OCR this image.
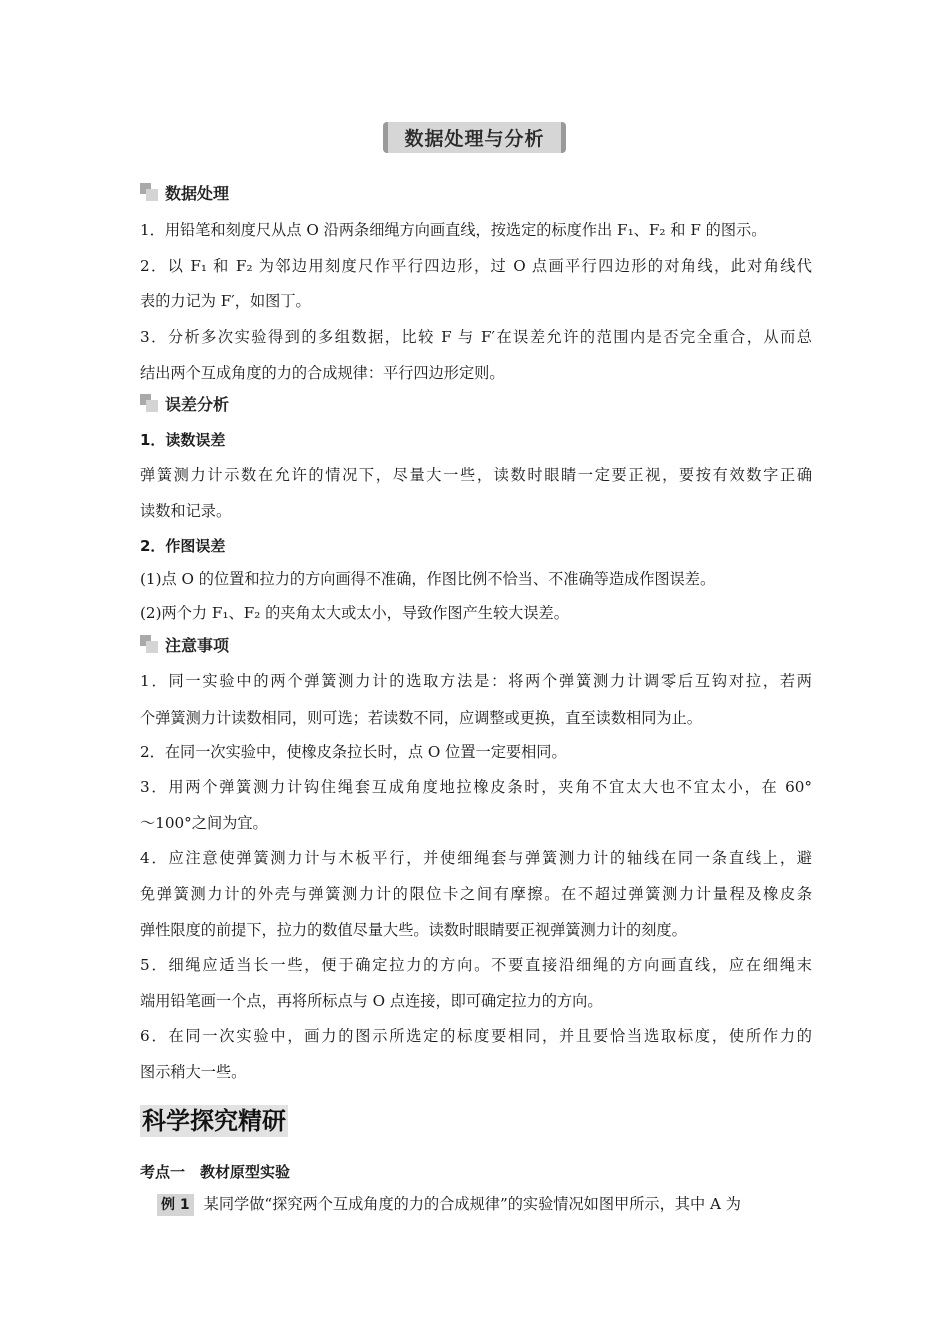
数据处理与分析
数据处理
1．用铅笔和刻度尺从点 O 沿两条细绳方向画直线，按选定的标度作出 F₁、F₂ 和 F 的图示。
2．以 F₁ 和 F₂ 为邻边用刻度尺作平行四边形，过 O 点画平行四边形的对角线，此对角线代
表的力记为 F′，如图丁。
3．分析多次实验得到的多组数据，比较 F 与 F′在误差允许的范围内是否完全重合，从而总
结出两个互成角度的力的合成规律：平行四边形定则。
误差分析
1．读数误差
弹簧测力计示数在允许的情况下，尽量大一些，读数时眼睛一定要正视，要按有效数字正确
读数和记录。
2．作图误差
(1)点 O 的位置和拉力的方向画得不准确，作图比例不恰当、不准确等造成作图误差。
(2)两个力 F₁、F₂ 的夹角太大或太小，导致作图产生较大误差。
注意事项
1．同一实验中的两个弹簧测力计的选取方法是：将两个弹簧测力计调零后互钩对拉，若两
个弹簧测力计读数相同，则可选；若读数不同，应调整或更换，直至读数相同为止。
2．在同一次实验中，使橡皮条拉长时，点 O 位置一定要相同。
3．用两个弹簧测力计钩住绳套互成角度地拉橡皮条时，夹角不宜太大也不宜太小，在 60°
～100°之间为宜。
4．应注意使弹簧测力计与木板平行，并使细绳套与弹簧测力计的轴线在同一条直线上，避
免弹簧测力计的外壳与弹簧测力计的限位卡之间有摩擦。在不超过弹簧测力计量程及橡皮条
弹性限度的前提下，拉力的数值尽量大些。读数时眼睛要正视弹簧测力计的刻度。
5．细绳应适当长一些，便于确定拉力的方向。不要直接沿细绳的方向画直线，应在细绳末
端用铅笔画一个点，再将所标点与 O 点连接，即可确定拉力的方向。
6．在同一次实验中，画力的图示所选定的标度要相同，并且要恰当选取标度，使所作力的
图示稍大一些。
科学探究精研
考点一　教材原型实验
例 1 某同学做“探究两个互成角度的力的合成规律”的实验情况如图甲所示，其中 A 为
